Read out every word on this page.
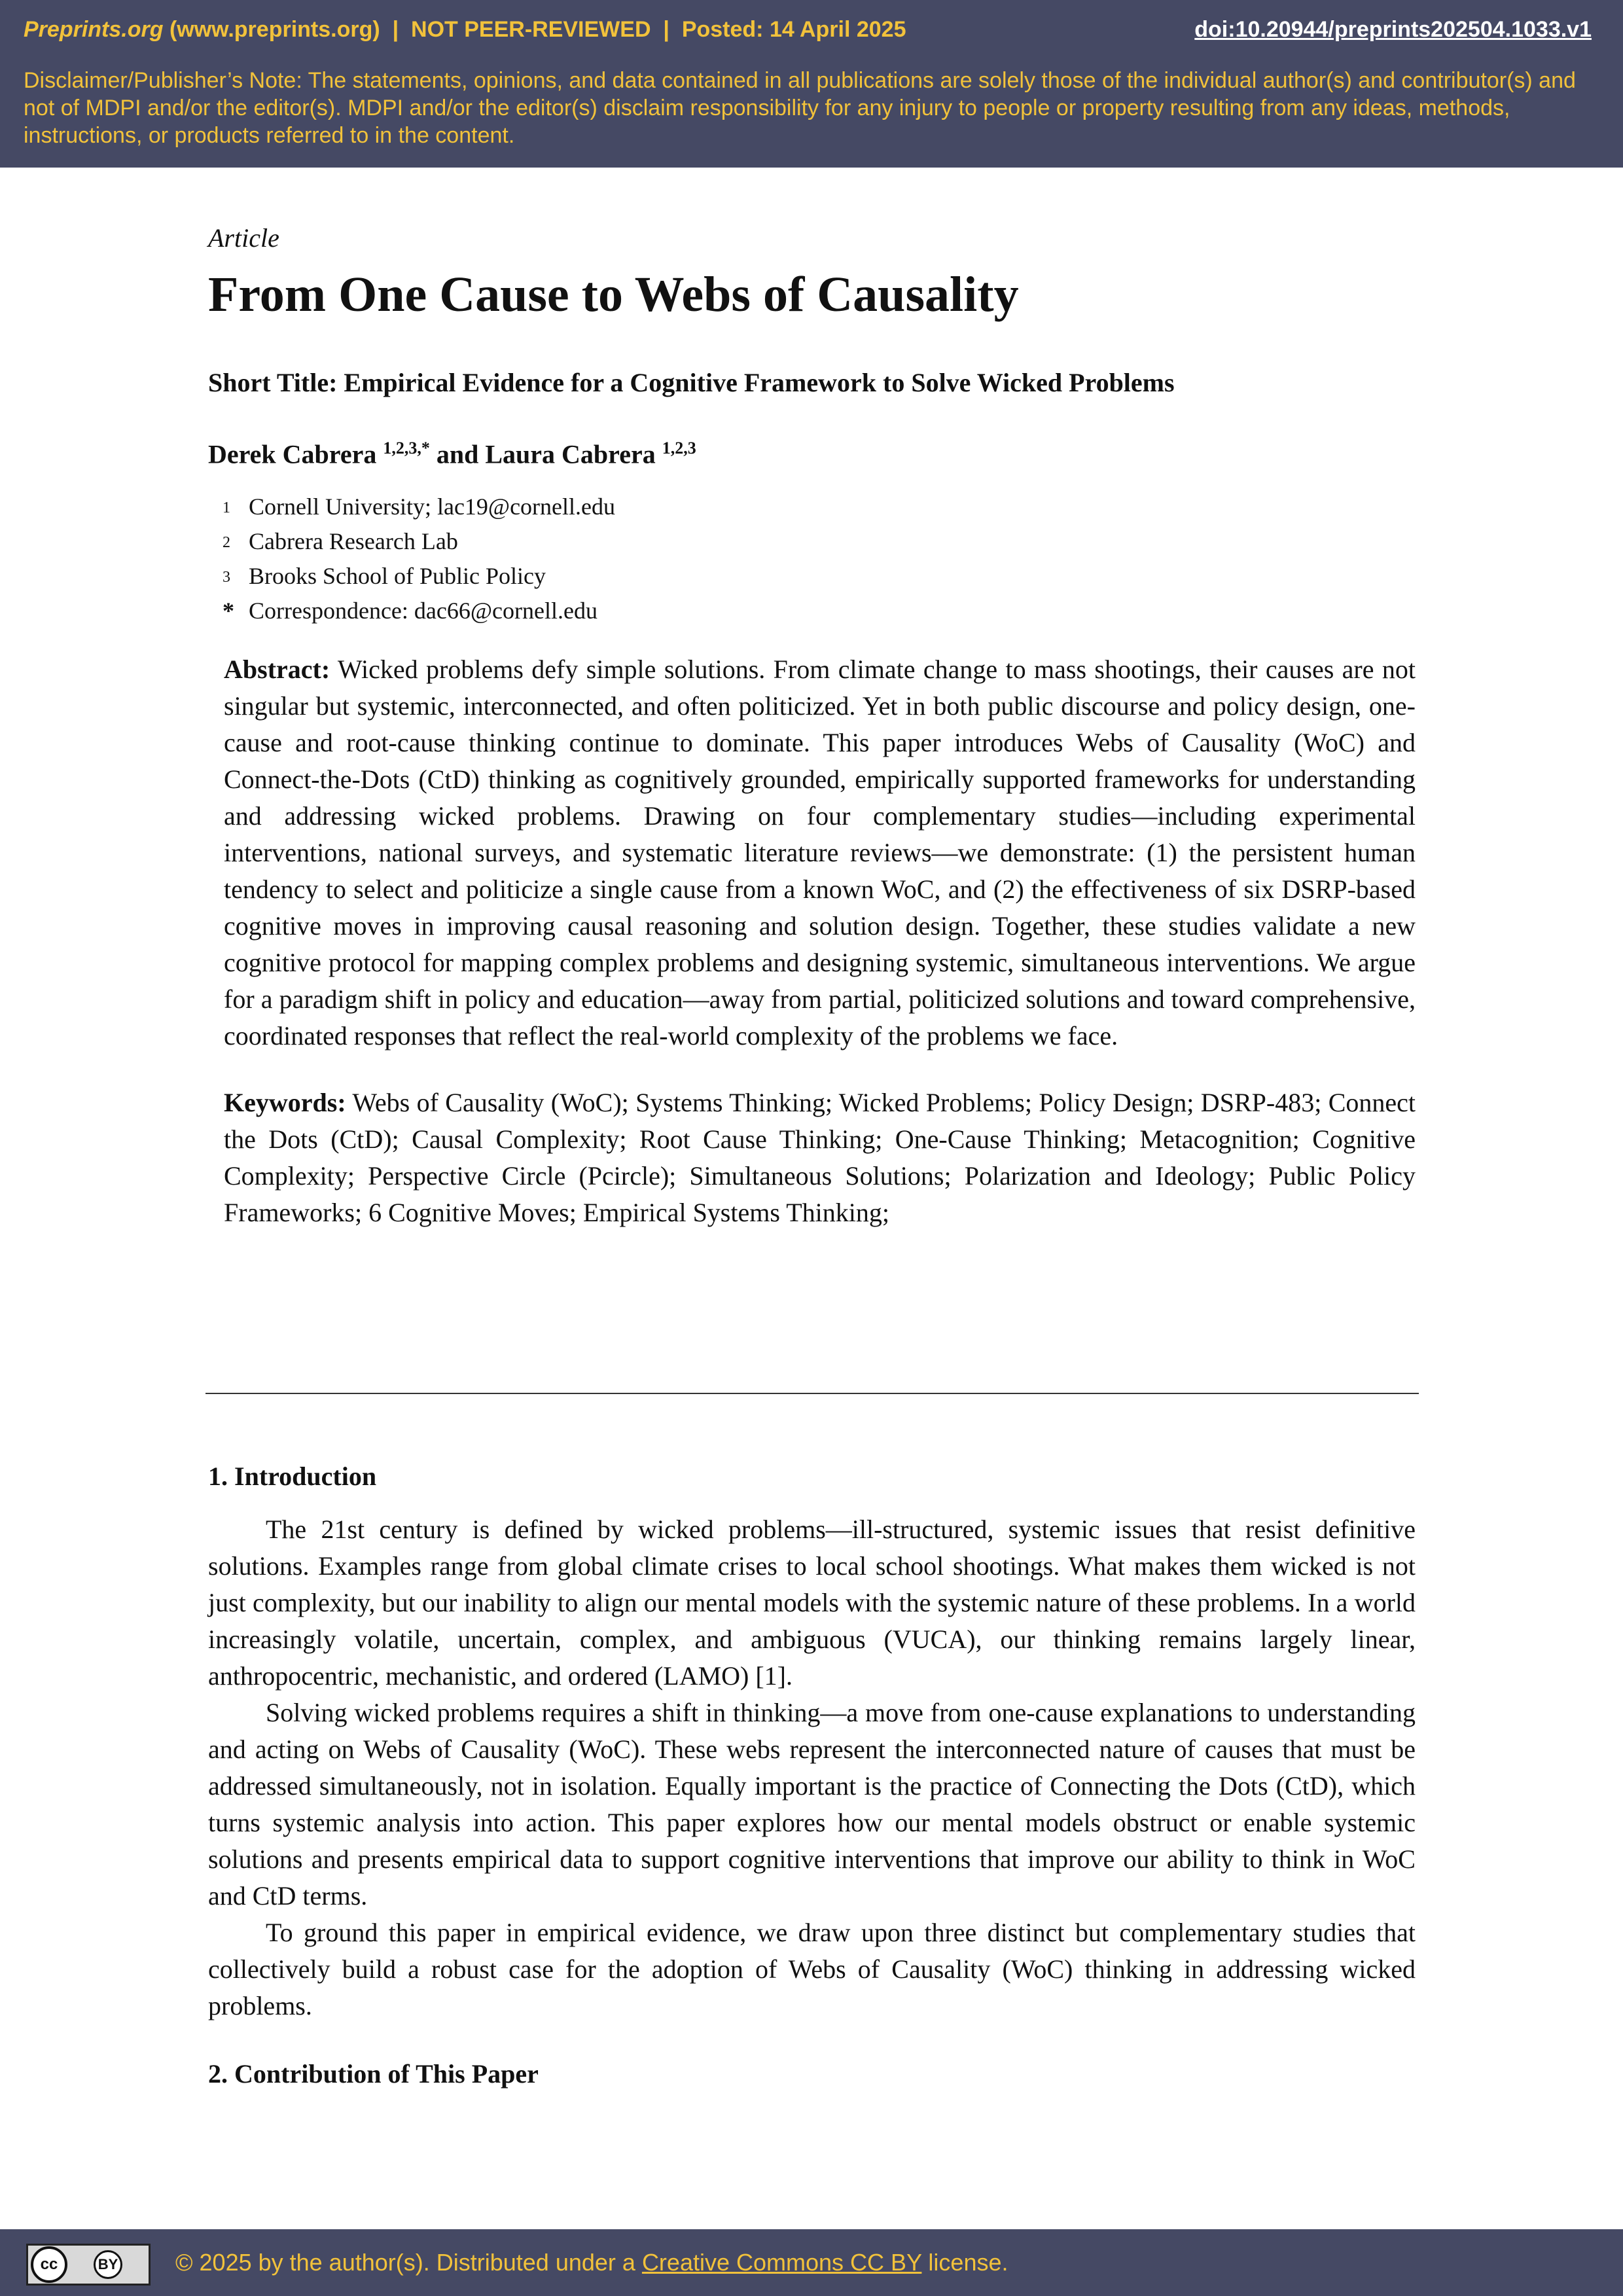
Preprints.org (www.preprints.org) | NOT PEER-REVIEWED | Posted: 14 April 2025	doi:10.20944/preprints202504.1033.v1
Disclaimer/Publisher’s Note: The statements, opinions, and data contained in all publications are solely those of the individual author(s) and contributor(s) and not of MDPI and/or the editor(s). MDPI and/or the editor(s) disclaim responsibility for any injury to people or property resulting from any ideas, methods, instructions, or products referred to in the content.
Article
From One Cause to Webs of Causality
Short Title: Empirical Evidence for a Cognitive Framework to Solve Wicked Problems
Derek Cabrera $^{1,2,3,*}$ and Laura Cabrera $^{1,2,3}$
1 Cornell University; lac19@cornell.edu
2 Cabrera Research Lab
3 Brooks School of Public Policy
* Correspondence: dac66@cornell.edu
Abstract: Wicked problems defy simple solutions. From climate change to mass shootings, their causes are not singular but systemic, interconnected, and often politicized. Yet in both public discourse and policy design, one-cause and root-cause thinking continue to dominate. This paper introduces Webs of Causality (WoC) and Connect-the-Dots (CtD) thinking as cognitively grounded, empirically supported frameworks for understanding and addressing wicked problems. Drawing on four complementary studies—including experimental interventions, national surveys, and systematic literature reviews—we demonstrate: (1) the persistent human tendency to select and politicize a single cause from a known WoC, and (2) the effectiveness of six DSRP-based cognitive moves in improving causal reasoning and solution design. Together, these studies validate a new cognitive protocol for mapping complex problems and designing systemic, simultaneous interventions. We argue for a paradigm shift in policy and education—away from partial, politicized solutions and toward comprehensive, coordinated responses that reflect the real-world complexity of the problems we face.
Keywords: Webs of Causality (WoC); Systems Thinking; Wicked Problems; Policy Design; DSRP-483; Connect the Dots (CtD); Causal Complexity; Root Cause Thinking; One-Cause Thinking; Metacognition; Cognitive Complexity; Perspective Circle (Pcircle); Simultaneous Solutions; Polarization and Ideology; Public Policy Frameworks; 6 Cognitive Moves; Empirical Systems Thinking;
1. Introduction

The 21st century is defined by wicked problems—ill-structured, systemic issues that resist definitive solutions. Examples range from global climate crises to local school shootings. What makes them wicked is not just complexity, but our inability to align our mental models with the systemic nature of these problems. In a world increasingly volatile, uncertain, complex, and ambiguous (VUCA), our thinking remains largely linear, anthropocentric, mechanistic, and ordered (LAMO) [1].

Solving wicked problems requires a shift in thinking—a move from one-cause explanations to understanding and acting on Webs of Causality (WoC). These webs represent the interconnected nature of causes that must be addressed simultaneously, not in isolation. Equally important is the practice of Connecting the Dots (CtD), which turns systemic analysis into action. This paper explores how our mental models obstruct or enable systemic solutions and presents empirical data to support cognitive interventions that improve our ability to think in WoC and CtD terms.

To ground this paper in empirical evidence, we draw upon three distinct but complementary studies that collectively build a robust case for the adoption of Webs of Causality (WoC) thinking in addressing wicked problems.

2. Contribution of This Paper
cc	BY © 2025 by the author(s). Distributed under a Creative Commons CC BY license.
